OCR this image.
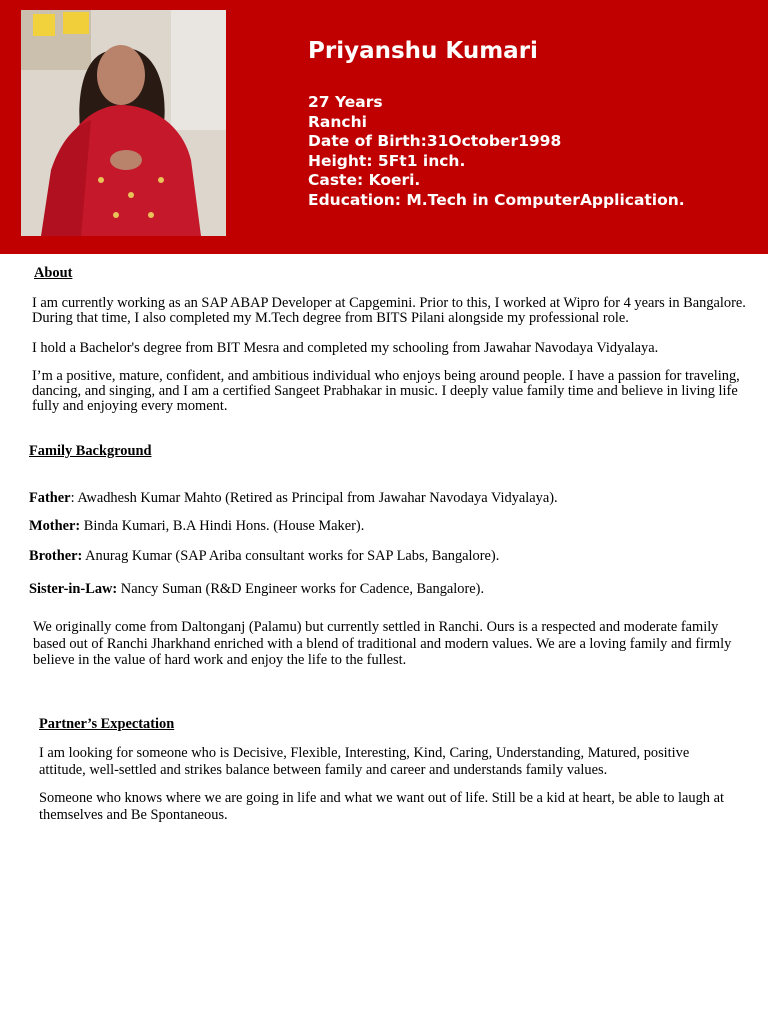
Priyanshu Kumari
27 Years
Ranchi
Date of Birth:31October1998
Height: 5Ft1 inch.
Caste: Koeri.
Education: M.Tech in ComputerApplication.
About
I am currently working as an SAP ABAP Developer at Capgemini. Prior to this, I worked at Wipro for 4 years in Bangalore. During that time, I also completed my M.Tech degree from BITS Pilani alongside my professional role.
I hold a Bachelor's degree from BIT Mesra and completed my schooling from Jawahar Navodaya Vidyalaya.
I’m a positive, mature, confident, and ambitious individual who enjoys being around people. I have a passion for traveling, dancing, and singing, and I am a certified Sangeet Prabhakar in music. I deeply value family time and believe in living life fully and enjoying every moment.
Family Background
Father: Awadhesh Kumar Mahto (Retired as Principal from Jawahar Navodaya Vidyalaya).
Mother: Binda Kumari, B.A Hindi Hons. (House Maker).
Brother: Anurag Kumar (SAP Ariba consultant works for SAP Labs, Bangalore).
Sister-in-Law: Nancy Suman (R&D Engineer works for Cadence, Bangalore).
We originally come from Daltonganj (Palamu) but currently settled in Ranchi. Ours is a respected and moderate family based out of Ranchi Jharkhand enriched with a blend of traditional and modern values. We are a loving family and firmly believe in the value of hard work and enjoy the life to the fullest.
Partner’s Expectation
I am looking for someone who is Decisive, Flexible, Interesting, Kind, Caring, Understanding, Matured, positive attitude, well-settled and strikes balance between family and career and understands family values.
Someone who knows where we are going in life and what we want out of life. Still be a kid at heart, be able to laugh at themselves and Be Spontaneous.
